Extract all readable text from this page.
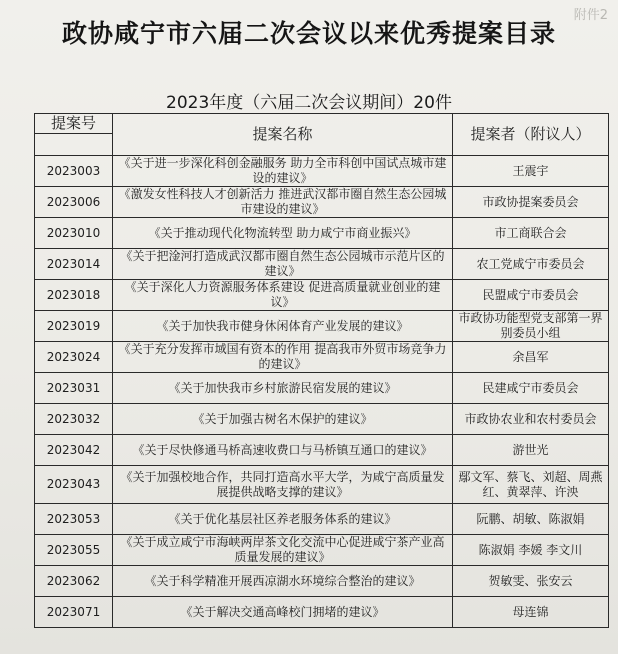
附件2
政协咸宁市六届二次会议以来优秀提案目录
2023年度（六届二次会议期间）20件
提案号	提案名称	提案者（附议人）

2023003	《关于进一步深化科创金融服务 助力全市科创中国试点城市建设的建议》	王震宇
2023006	《激发女性科技人才创新活力 推进武汉都市圈自然生态公园城市建设的建议》	市政协提案委员会
2023010	《关于推动现代化物流转型 助力咸宁市商业振兴》	市工商联合会
2023014	《关于把淦河打造成武汉都市圈自然生态公园城市示范片区的建议》	农工党咸宁市委员会
2023018	《关于深化人力资源服务体系建设 促进高质量就业创业的建议》	民盟咸宁市委员会
2023019	《关于加快我市健身休闲体育产业发展的建议》	市政协功能型党支部第一界别委员小组
2023024	《关于充分发挥市域国有资本的作用 提高我市外贸市场竞争力的建议》	余昌军
2023031	《关于加快我市乡村旅游民宿发展的建议》	民建咸宁市委员会
2023032	《关于加强古树名木保护的建议》	市政协农业和农村委员会
2023042	《关于尽快修通马桥高速收费口与马桥镇互通口的建议》	游世光
2023043	《关于加强校地合作，共同打造高水平大学，为咸宁高质量发展提供战略支撑的建议》	鄢文军、蔡飞、刘超、周燕红、黄翠萍、许泱
2023053	《关于优化基层社区养老服务体系的建议》	阮鹏、胡敏、陈淑娟
2023055	《关于成立咸宁市海峡两岸茶文化交流中心促进咸宁茶产业高质量发展的建议》	陈淑娟 李媛 李文川
2023062	《关于科学精准开展西凉湖水环境综合整治的建议》	贺敏雯、张安云
2023071	《关于解决交通高峰校门拥堵的建议》	母连锦
